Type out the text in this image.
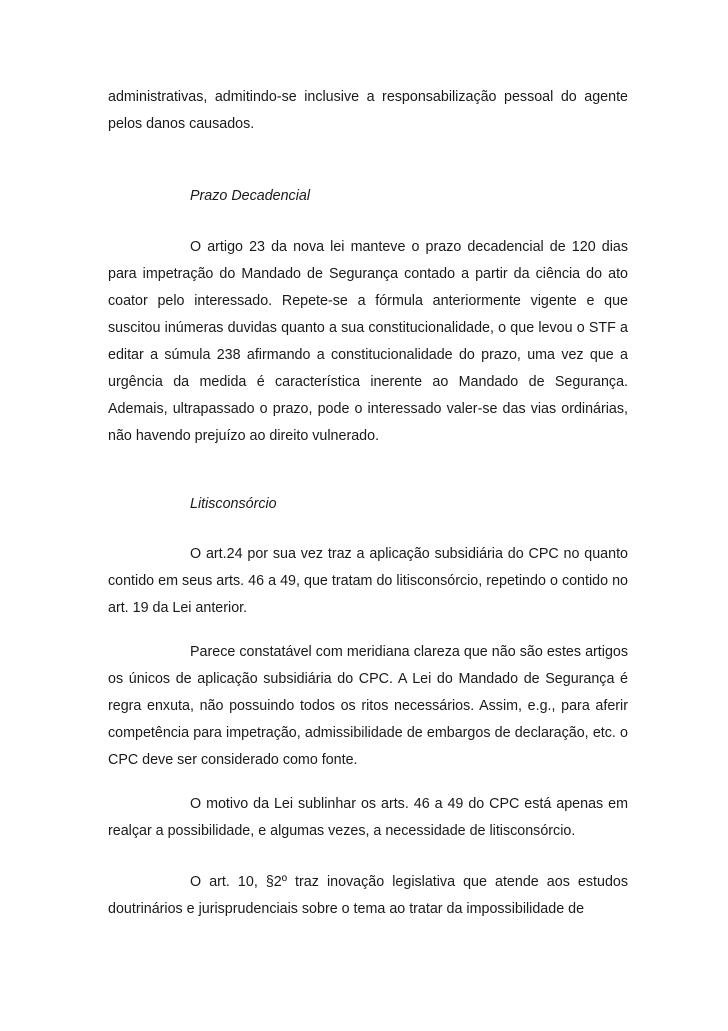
administrativas, admitindo-se inclusive a responsabilização pessoal do agente pelos danos causados.

Prazo Decadencial

O artigo 23 da nova lei manteve o prazo decadencial de 120 dias para impetração do Mandado de Segurança contado a partir da ciência do ato coator pelo interessado. Repete-se a fórmula anteriormente vigente e que suscitou inúmeras duvidas quanto a sua constitucionalidade, o que levou o STF a editar a súmula 238 afirmando a constitucionalidade do prazo, uma vez que a urgência da medida é característica inerente ao Mandado de Segurança. Ademais, ultrapassado o prazo, pode o interessado valer-se das vias ordinárias, não havendo prejuízo ao direito vulnerado.

Litisconsórcio

O art.24 por sua vez traz a aplicação subsidiária do CPC no quanto contido em seus arts. 46 a 49, que tratam do litisconsórcio, repetindo o contido no art. 19 da Lei anterior.

Parece constatável com meridiana clareza que não são estes artigos os únicos de aplicação subsidiária do CPC. A Lei do Mandado de Segurança é regra enxuta, não possuindo todos os ritos necessários. Assim, e.g., para aferir competência para impetração, admissibilidade de embargos de declaração, etc. o CPC deve ser considerado como fonte.

O motivo da Lei sublinhar os arts. 46 a 49 do CPC está apenas em realçar a possibilidade, e algumas vezes, a necessidade de litisconsórcio.

O art. 10, §2º traz inovação legislativa que atende aos estudos doutrinários e jurisprudenciais sobre o tema ao tratar da impossibilidade de
